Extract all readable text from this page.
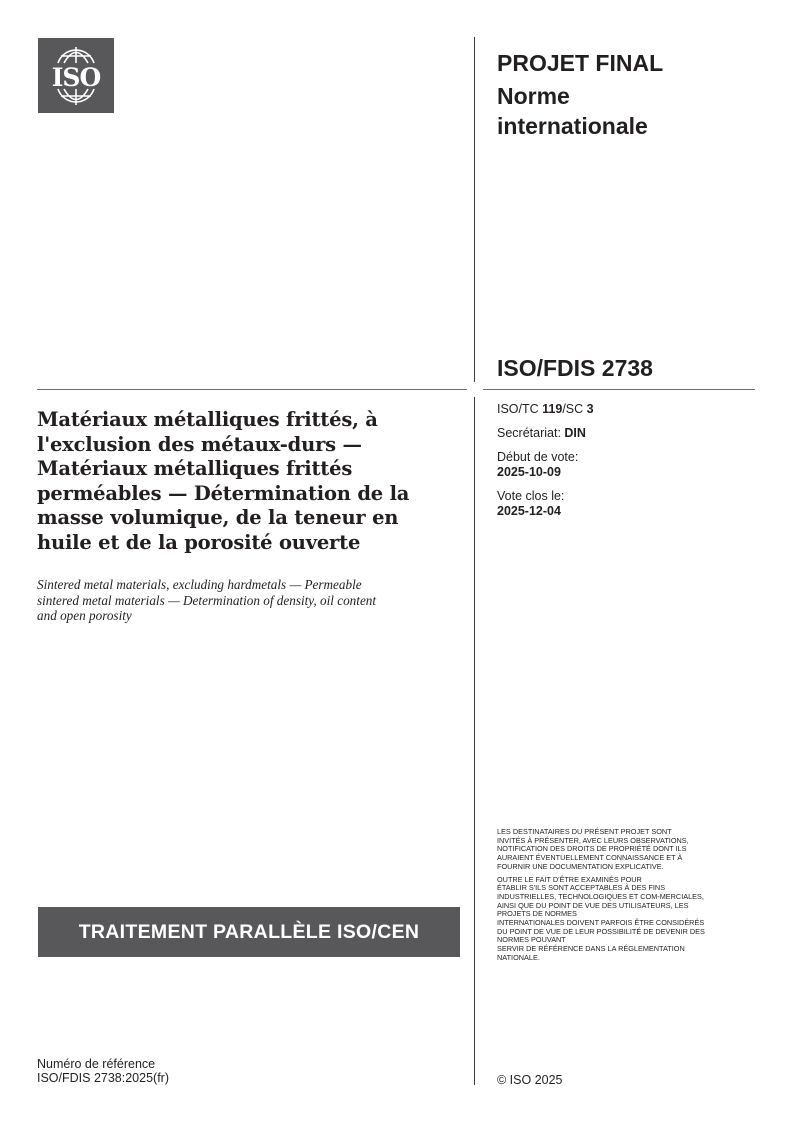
ISO	PROJET FINAL
Norme
internationale
ISO/FDIS 2738
ISO/TC 119/SC 3
Secrétariat: DIN
Début de vote:
2025-10-09
Vote clos le:
2025-12-04
Matériaux métalliques frittés, à
l'exclusion des métaux-durs —
Matériaux métalliques frittés
perméables — Détermination de la
masse volumique, de la teneur en
huile et de la porosité ouverte
Sintered metal materials, excluding hardmetals — Permeable
sintered metal materials — Determination of density, oil content
and open porosity
TRAITEMENT PARALLÈLE ISO/CEN

LES DESTINATAIRES DU PRÉSENT PROJET SONT
INVITÉS À PRÉSENTER, AVEC LEURS OBSERVATIONS,
NOTIFICATION DES DROITS DE PROPRIÉTÉ DONT ILS
AURAIENT ÉVENTUELLEMENT CONNAISSANCE ET À
FOURNIR UNE DOCUMENTATION EXPLICATIVE.

OUTRE LE FAIT D'ÊTRE EXAMINÉS POUR
ÉTABLIR S'ILS SONT ACCEPTABLES À DES FINS
INDUSTRIELLES, TECHNOLOGIQUES ET COM-MERCIALES,
AINSI QUE DU POINT DE VUE DES UTILISATEURS, LES
PROJETS DE NORMES
INTERNATIONALES DOIVENT PARFOIS ÊTRE CONSIDÉRÉS
DU POINT DE VUE DE LEUR POSSIBILITÉ DE DEVENIR DES
NORMES POUVANT
SERVIR DE RÉFÉRENCE DANS LA RÉGLEMENTATION
NATIONALE.

Numéro de référence
ISO/FDIS 2738:2025(fr)	© ISO 2025
